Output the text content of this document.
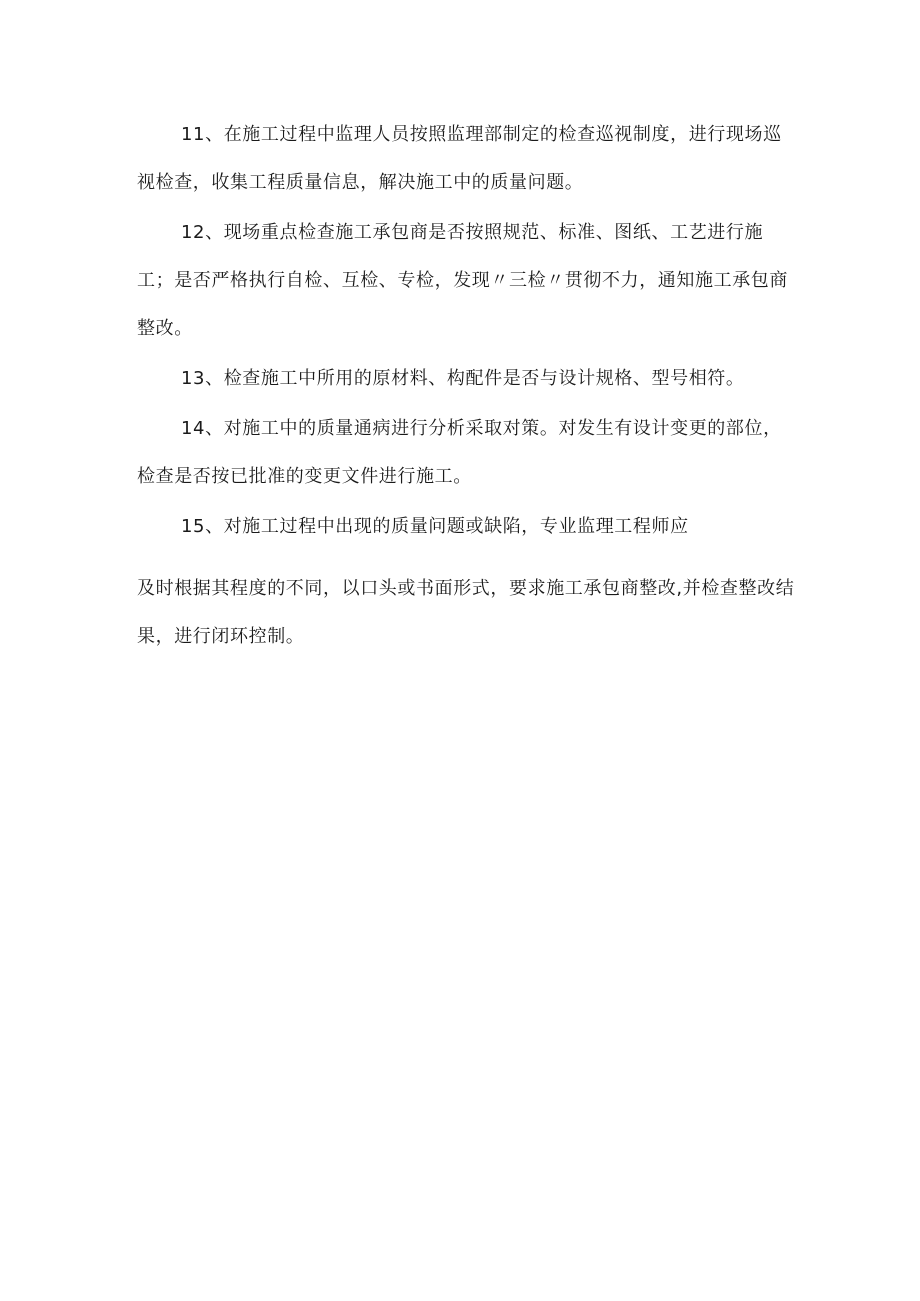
11、在施工过程中监理人员按照监理部制定的检查巡视制度，进行现场巡视检查，收集工程质量信息，解决施工中的质量问题。

12、现场重点检查施工承包商是否按照规范、标准、图纸、工艺进行施工；是否严格执行自检、互检、专检，发现〃三检〃贯彻不力，通知施工承包商整改。

13、检查施工中所用的原材料、构配件是否与设计规格、型号相符。

14、对施工中的质量通病进行分析采取对策。对发生有设计变更的部位，检查是否按已批准的变更文件进行施工。

15、对施工过程中出现的质量问题或缺陷，专业监理工程师应

及时根据其程度的不同，以口头或书面形式，要求施工承包商整改,并检查整改结果，进行闭环控制。
